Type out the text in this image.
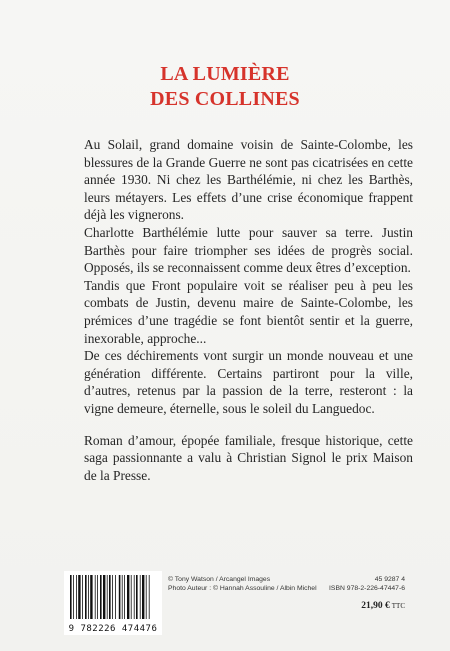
LA LUMIÈRE
DES COLLINES

Au Solail, grand domaine voisin de Sainte-Colombe, les blessures de la Grande Guerre ne sont pas cicatrisées en cette année 1930. Ni chez les Barthélémie, ni chez les Barthès, leurs métayers. Les effets d’une crise économique frappent déjà les vignerons.

Charlotte Barthélémie lutte pour sauver sa terre. Justin Barthès pour faire triompher ses idées de progrès social. Opposés, ils se reconnaissent comme deux êtres d’exception.

Tandis que Front populaire voit se réaliser peu à peu les combats de Justin, devenu maire de Sainte-Colombe, les prémices d’une tragédie se font bientôt sentir et la guerre, inexorable, approche...

De ces déchirements vont surgir un monde nouveau et une génération différente. Certains partiront pour la ville, d’autres, retenus par la passion de la terre, resteront : la vigne demeure, éternelle, sous le soleil du Languedoc.

Roman d’amour, épopée familiale, fresque historique, cette saga passionnante a valu à Christian Signol le prix Maison de la Presse.

9 782226 474476
© Tony Watson / Arcangel Images
Photo Auteur : © Hannah Assouline / Albin Michel
45 9287 4
ISBN 978-2-226-47447-6
21,90 € TTC
